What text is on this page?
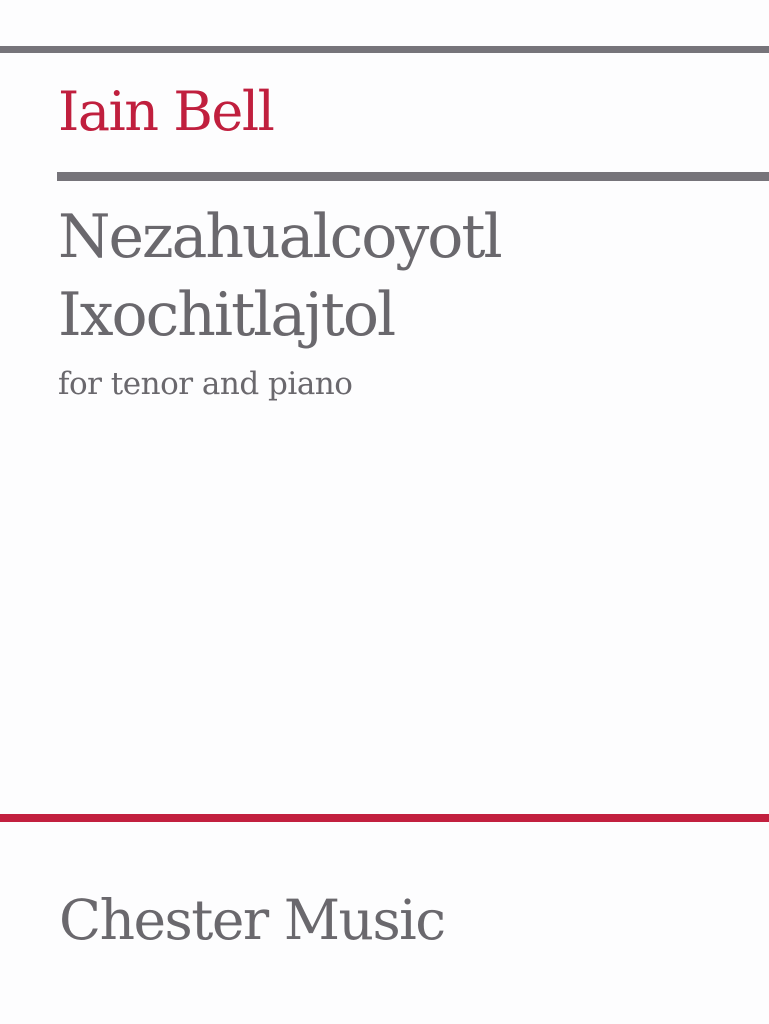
Iain Bell
Nezahualcoyotl
Ixochitlajtol
for tenor and piano
Chester Music
